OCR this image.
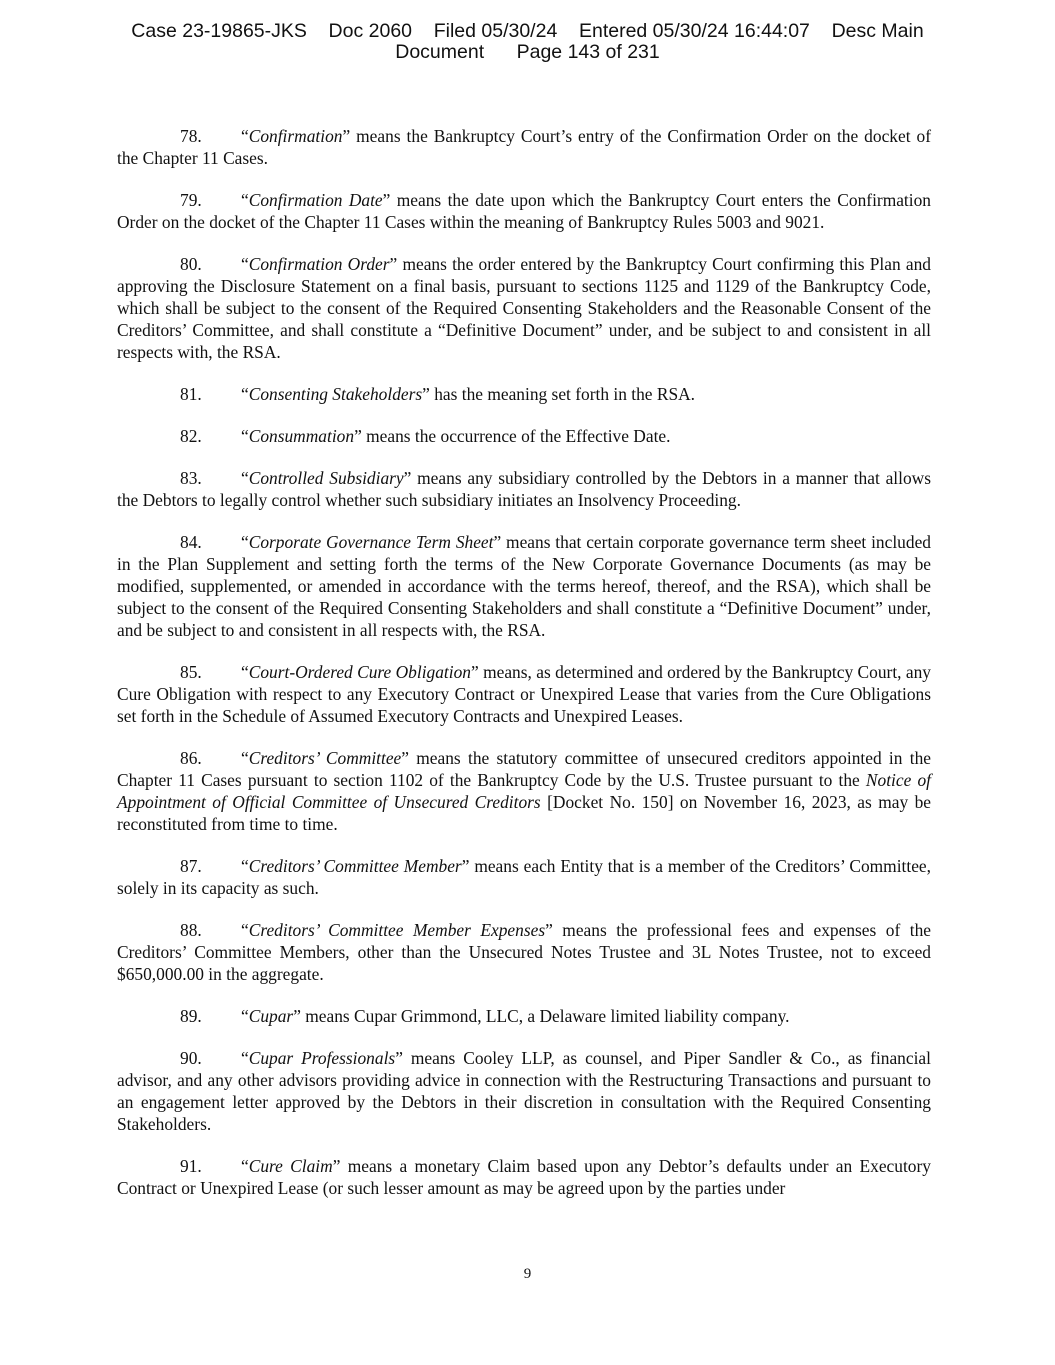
Case 23-19865-JKS    Doc 2060    Filed 05/30/24    Entered 05/30/24 16:44:07    Desc Main
Document      Page 143 of 231

78. “Confirmation” means the Bankruptcy Court’s entry of the Confirmation Order on the docket of the Chapter 11 Cases.

79. “Confirmation Date” means the date upon which the Bankruptcy Court enters the Confirmation Order on the docket of the Chapter 11 Cases within the meaning of Bankruptcy Rules 5003 and 9021.

80. “Confirmation Order” means the order entered by the Bankruptcy Court confirming this Plan and approving the Disclosure Statement on a final basis, pursuant to sections 1125 and 1129 of the Bankruptcy Code, which shall be subject to the consent of the Required Consenting Stakeholders and the Reasonable Consent of the Creditors’ Committee, and shall constitute a “Definitive Document” under, and be subject to and consistent in all respects with, the RSA.

81. “Consenting Stakeholders” has the meaning set forth in the RSA.

82. “Consummation” means the occurrence of the Effective Date.

83. “Controlled Subsidiary” means any subsidiary controlled by the Debtors in a manner that allows the Debtors to legally control whether such subsidiary initiates an Insolvency Proceeding.

84. “Corporate Governance Term Sheet” means that certain corporate governance term sheet included in the Plan Supplement and setting forth the terms of the New Corporate Governance Documents (as may be modified, supplemented, or amended in accordance with the terms hereof, thereof, and the RSA), which shall be subject to the consent of the Required Consenting Stakeholders and shall constitute a “Definitive Document” under, and be subject to and consistent in all respects with, the RSA.

85. “Court-Ordered Cure Obligation” means, as determined and ordered by the Bankruptcy Court, any Cure Obligation with respect to any Executory Contract or Unexpired Lease that varies from the Cure Obligations set forth in the Schedule of Assumed Executory Contracts and Unexpired Leases.

86. “Creditors’ Committee” means the statutory committee of unsecured creditors appointed in the Chapter 11 Cases pursuant to section 1102 of the Bankruptcy Code by the U.S. Trustee pursuant to the Notice of Appointment of Official Committee of Unsecured Creditors [Docket No. 150] on November 16, 2023, as may be reconstituted from time to time.

87. “Creditors’ Committee Member” means each Entity that is a member of the Creditors’ Committee, solely in its capacity as such.

88. “Creditors’ Committee Member Expenses” means the professional fees and expenses of the Creditors’ Committee Members, other than the Unsecured Notes Trustee and 3L Notes Trustee, not to exceed $650,000.00 in the aggregate.

89. “Cupar” means Cupar Grimmond, LLC, a Delaware limited liability company.

90. “Cupar Professionals” means Cooley LLP, as counsel, and Piper Sandler & Co., as financial advisor, and any other advisors providing advice in connection with the Restructuring Transactions and pursuant to an engagement letter approved by the Debtors in their discretion in consultation with the Required Consenting Stakeholders.

91. “Cure Claim” means a monetary Claim based upon any Debtor’s defaults under an Executory Contract or Unexpired Lease (or such lesser amount as may be agreed upon by the parties under

9
